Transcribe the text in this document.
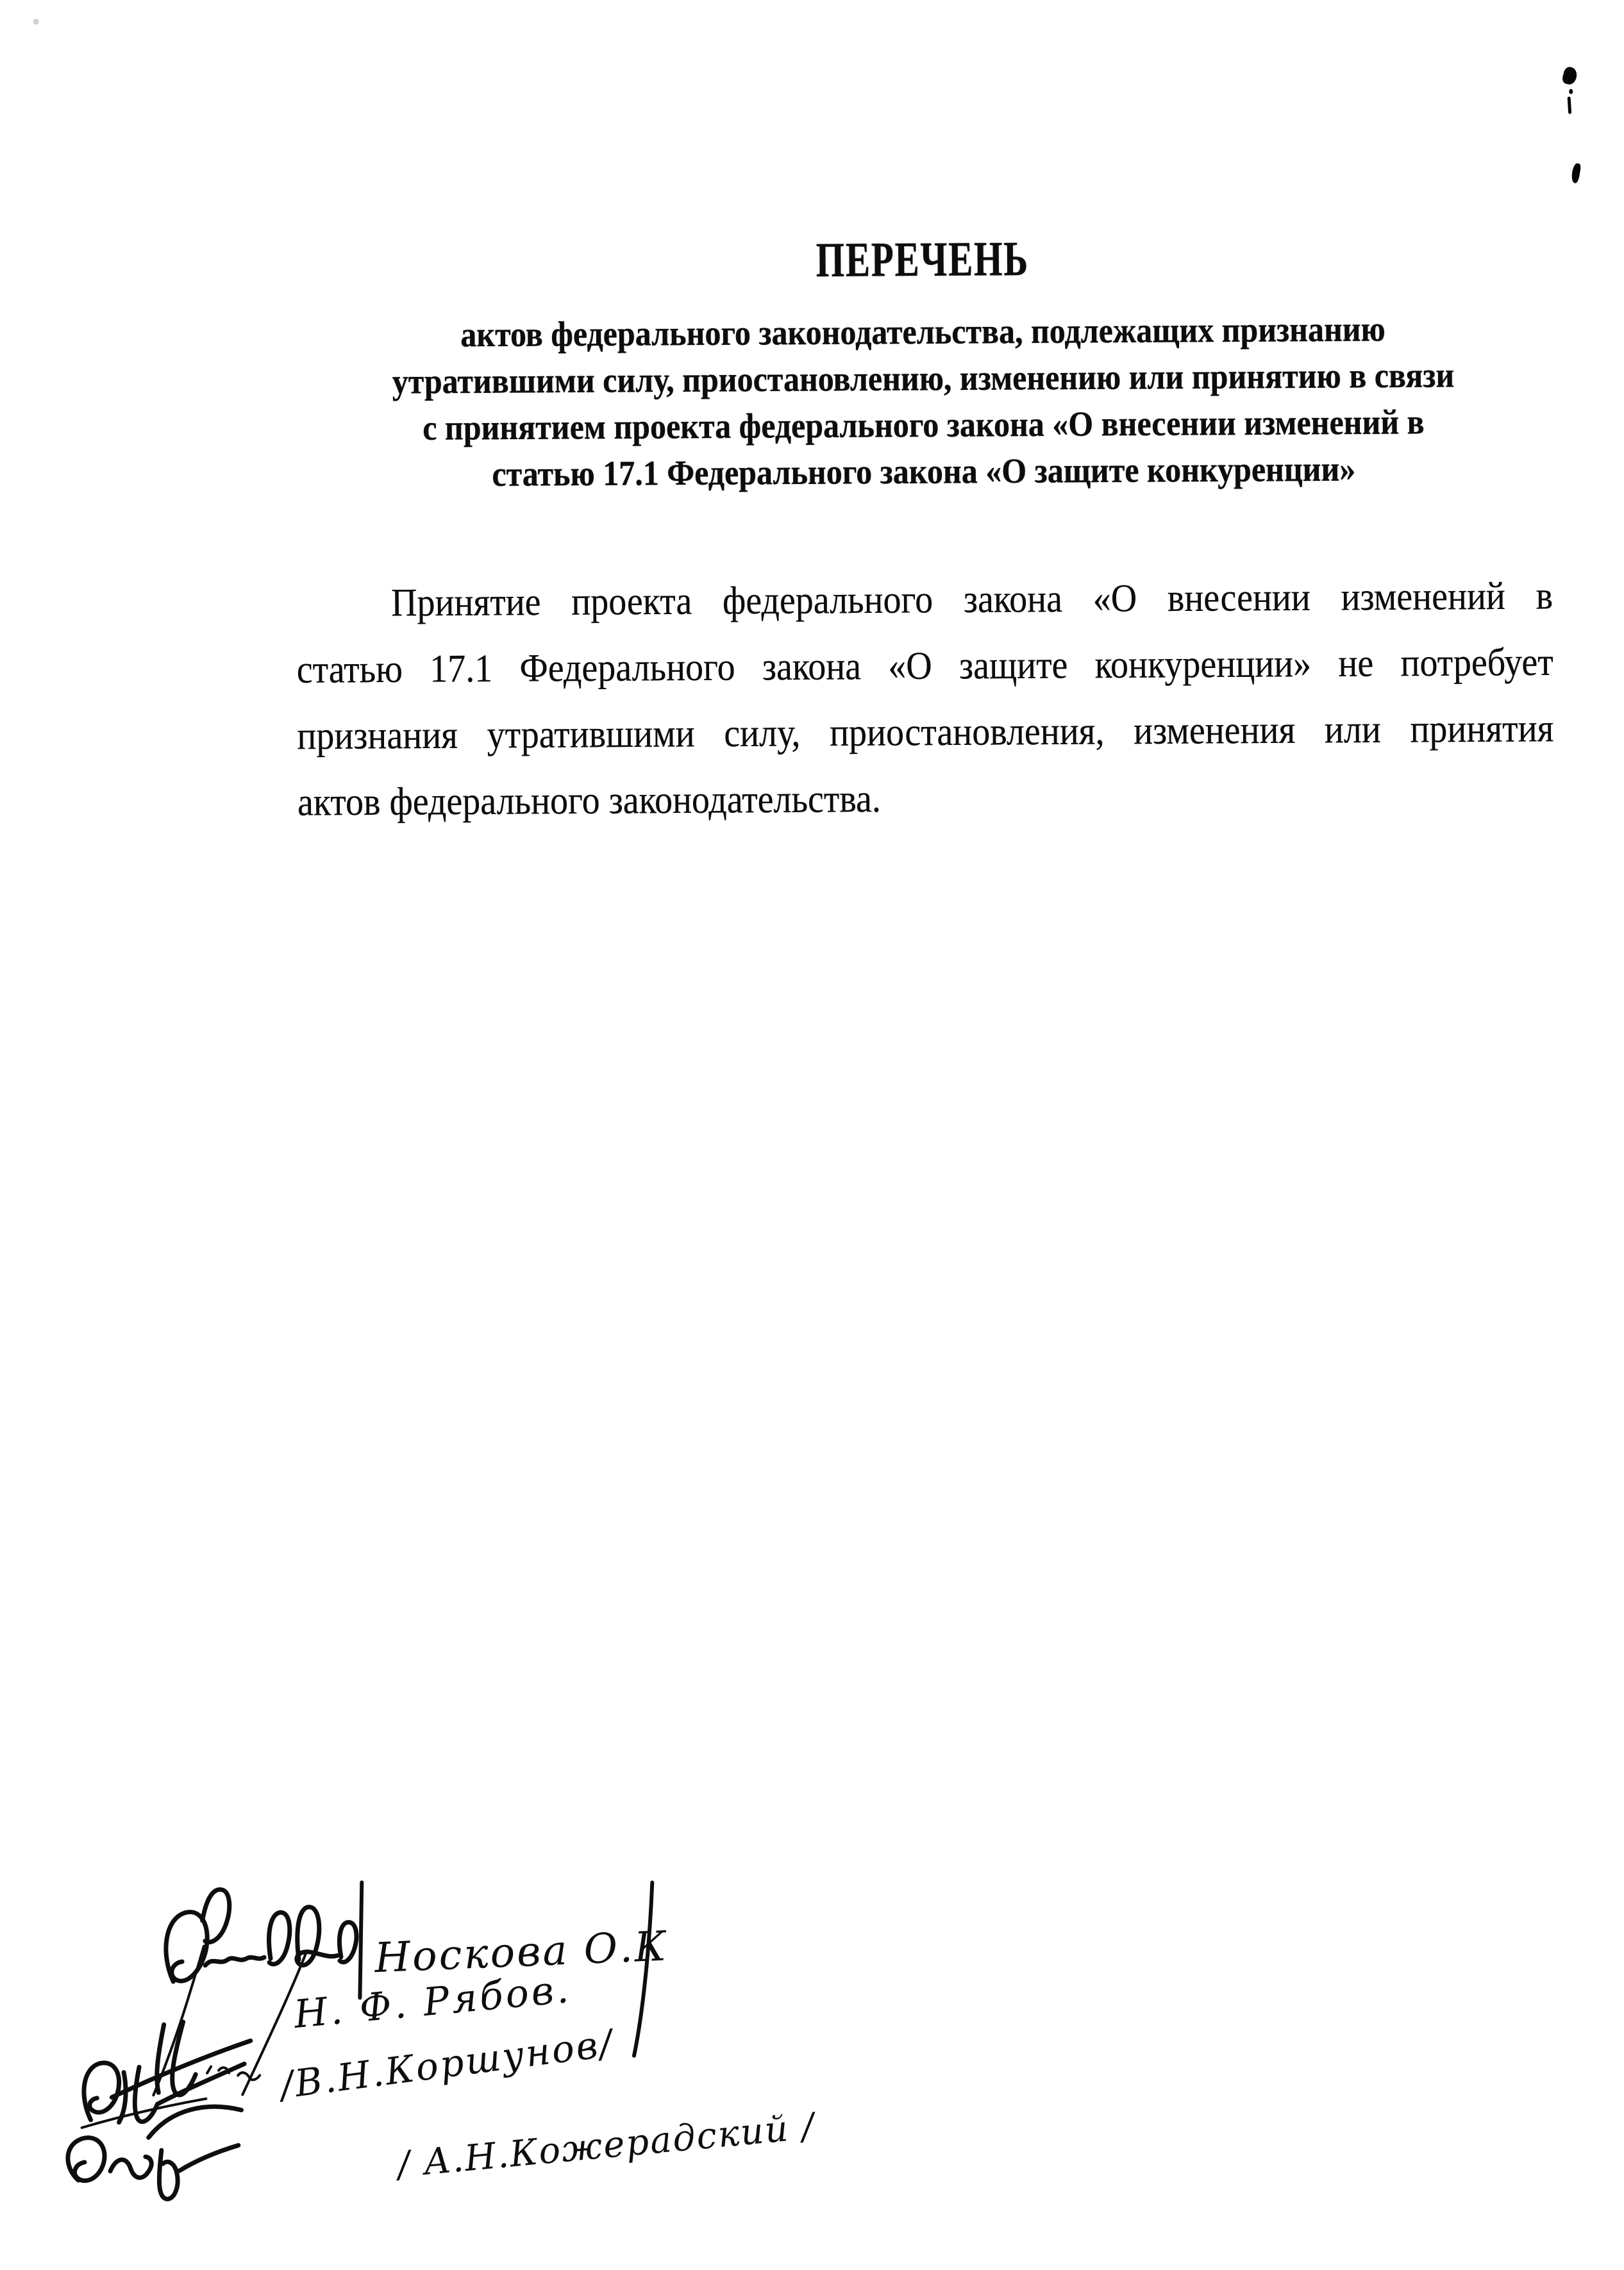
ПЕРЕЧЕНЬ
актов федерального законодательства, подлежащих признанию
утратившими силу, приостановлению, изменению или принятию в связи
с принятием проекта федерального закона «О внесении изменений в
статью 17.1 Федерального закона «О защите конкуренции»
Принятие проекта федерального закона «О внесении изменений в
статью 17.1 Федерального закона «О защите конкуренции» не потребует
признания утратившими силу, приостановления, изменения или принятия
актов федерального законодательства.
Носкова О.К
Н. Ф. Рябов.
/В.Н.Коршунов/
/ А.Н.Кожерадский /
